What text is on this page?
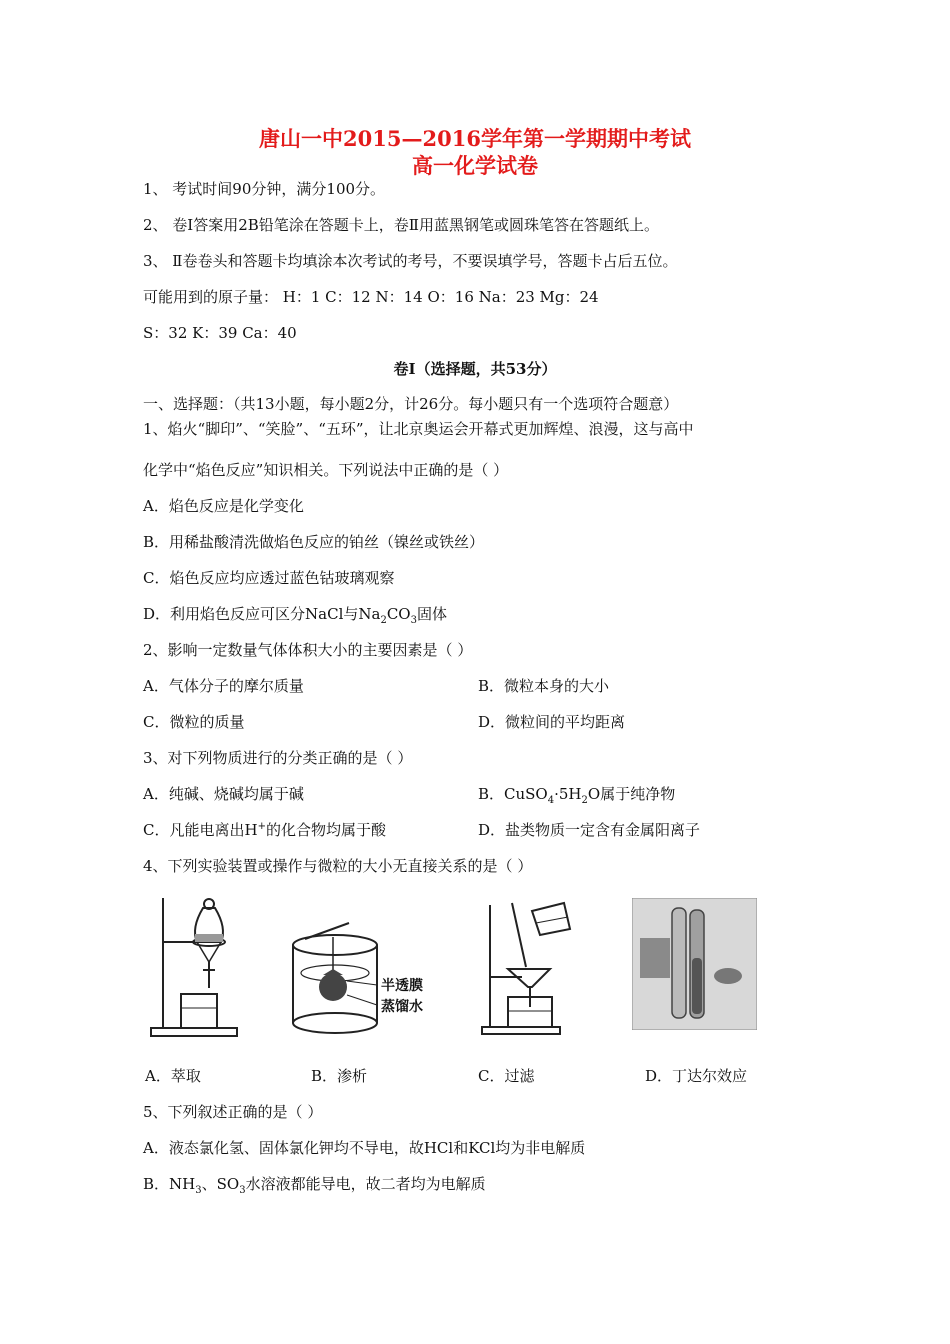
唐山一中2015—2016学年第一学期期中考试
高一化学试卷
1、 考试时间90分钟，满分100分。
2、 卷Ⅰ答案用2B铅笔涂在答题卡上，卷Ⅱ用蓝黑钢笔或圆珠笔答在答题纸上。
3、 Ⅱ卷卷头和答题卡均填涂本次考试的考号，不要误填学号，答题卡占后五位。
可能用到的原子量： H：1 C：12 N：14 O：16 Na：23 Mg：24
S：32 K：39 Ca：40
卷Ⅰ（选择题，共53分）
一、选择题：（共13小题，每小题2分，计26分。每小题只有一个选项符合题意）
1、焰火“脚印”、“笑脸”、“五环”，让北京奥运会开幕式更加辉煌、浪漫，这与高中
化学中“焰色反应”知识相关。下列说法中正确的是（ ）
A．焰色反应是化学变化
B．用稀盐酸清洗做焰色反应的铂丝（镍丝或铁丝）
C．焰色反应均应透过蓝色钴玻璃观察
D．利用焰色反应可区分NaCl与$Na_2CO_3$固体
2、影响一定数量气体体积大小的主要因素是（ ）
A．气体分子的摩尔质量	B．微粒本身的大小
C．微粒的质量	D．微粒间的平均距离
3、对下列物质进行的分类正确的是（ ）
A．纯碱、烧碱均属于碱	B．$CuSO_4\cdot 5H_2O$属于纯净物
C．凡能电离出H+的化合物均属于酸	D．盐类物质一定含有金属阳离子
4、下列实验装置或操作与微粒的大小无直接关系的是（ ）
半透膜
蒸馏水
A．萃取	B．渗析	C．过滤	D．丁达尔效应
5、下列叙述正确的是（ ）
A．液态氯化氢、固体氯化钾均不导电，故HCl和KCl均为非电解质
B．$NH_3$、$SO_3$水溶液都能导电，故二者均为电解质
